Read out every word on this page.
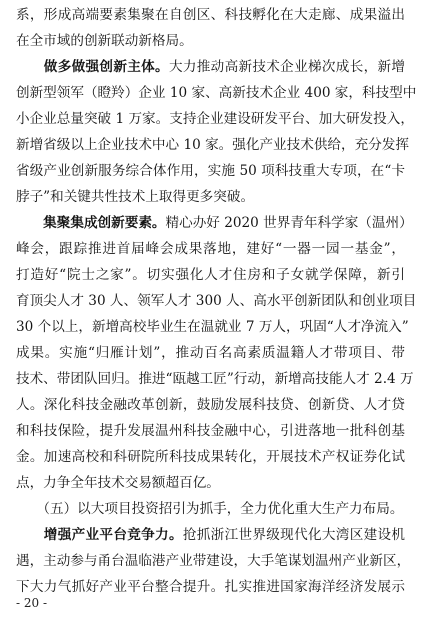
系，形成高端要素集聚在自创区、科技孵化在大走廊、成果溢出
在全市域的创新联动新格局。
　　做多做强创新主体。大力推动高新技术企业梯次成长，新增
创新型领军（瞪羚）企业 10 家、高新技术企业 400 家，科技型中
小企业总量突破 1 万家。支持企业建设研发平台、加大研发投入，
新增省级以上企业技术中心 10 家。强化产业技术供给，充分发挥
省级产业创新服务综合体作用，实施 50 项科技重大专项，在“卡
脖子”和关键共性技术上取得更多突破。
　　集聚集成创新要素。精心办好 2020 世界青年科学家（温州）
峰会，跟踪推进首届峰会成果落地，建好“一器一园一基金”，
打造好“院士之家”。切实强化人才住房和子女就学保障，新引
育顶尖人才 30 人、领军人才 300 人、高水平创新团队和创业项目
30 个以上，新增高校毕业生在温就业 7 万人，巩固“人才净流入”
成果。实施“归雁计划”，推动百名高素质温籍人才带项目、带
技术、带团队回归。推进“瓯越工匠”行动，新增高技能人才 2.4 万
人。深化科技金融改革创新，鼓励发展科技贷、创新贷、人才贷
和科技保险，提升发展温州科技金融中心，引进落地一批科创基
金。加速高校和科研院所科技成果转化，开展技术产权证券化试
点，力争全年技术交易额超百亿。
　　（五）以大项目投资招引为抓手，全力优化重大生产力布局。
　　增强产业平台竞争力。抢抓浙江世界级现代化大湾区建设机
遇，主动参与甬台温临港产业带建设，大手笔谋划温州产业新区，
下大力气抓好产业平台整合提升。扎实推进国家海洋经济发展示
- 20 -
